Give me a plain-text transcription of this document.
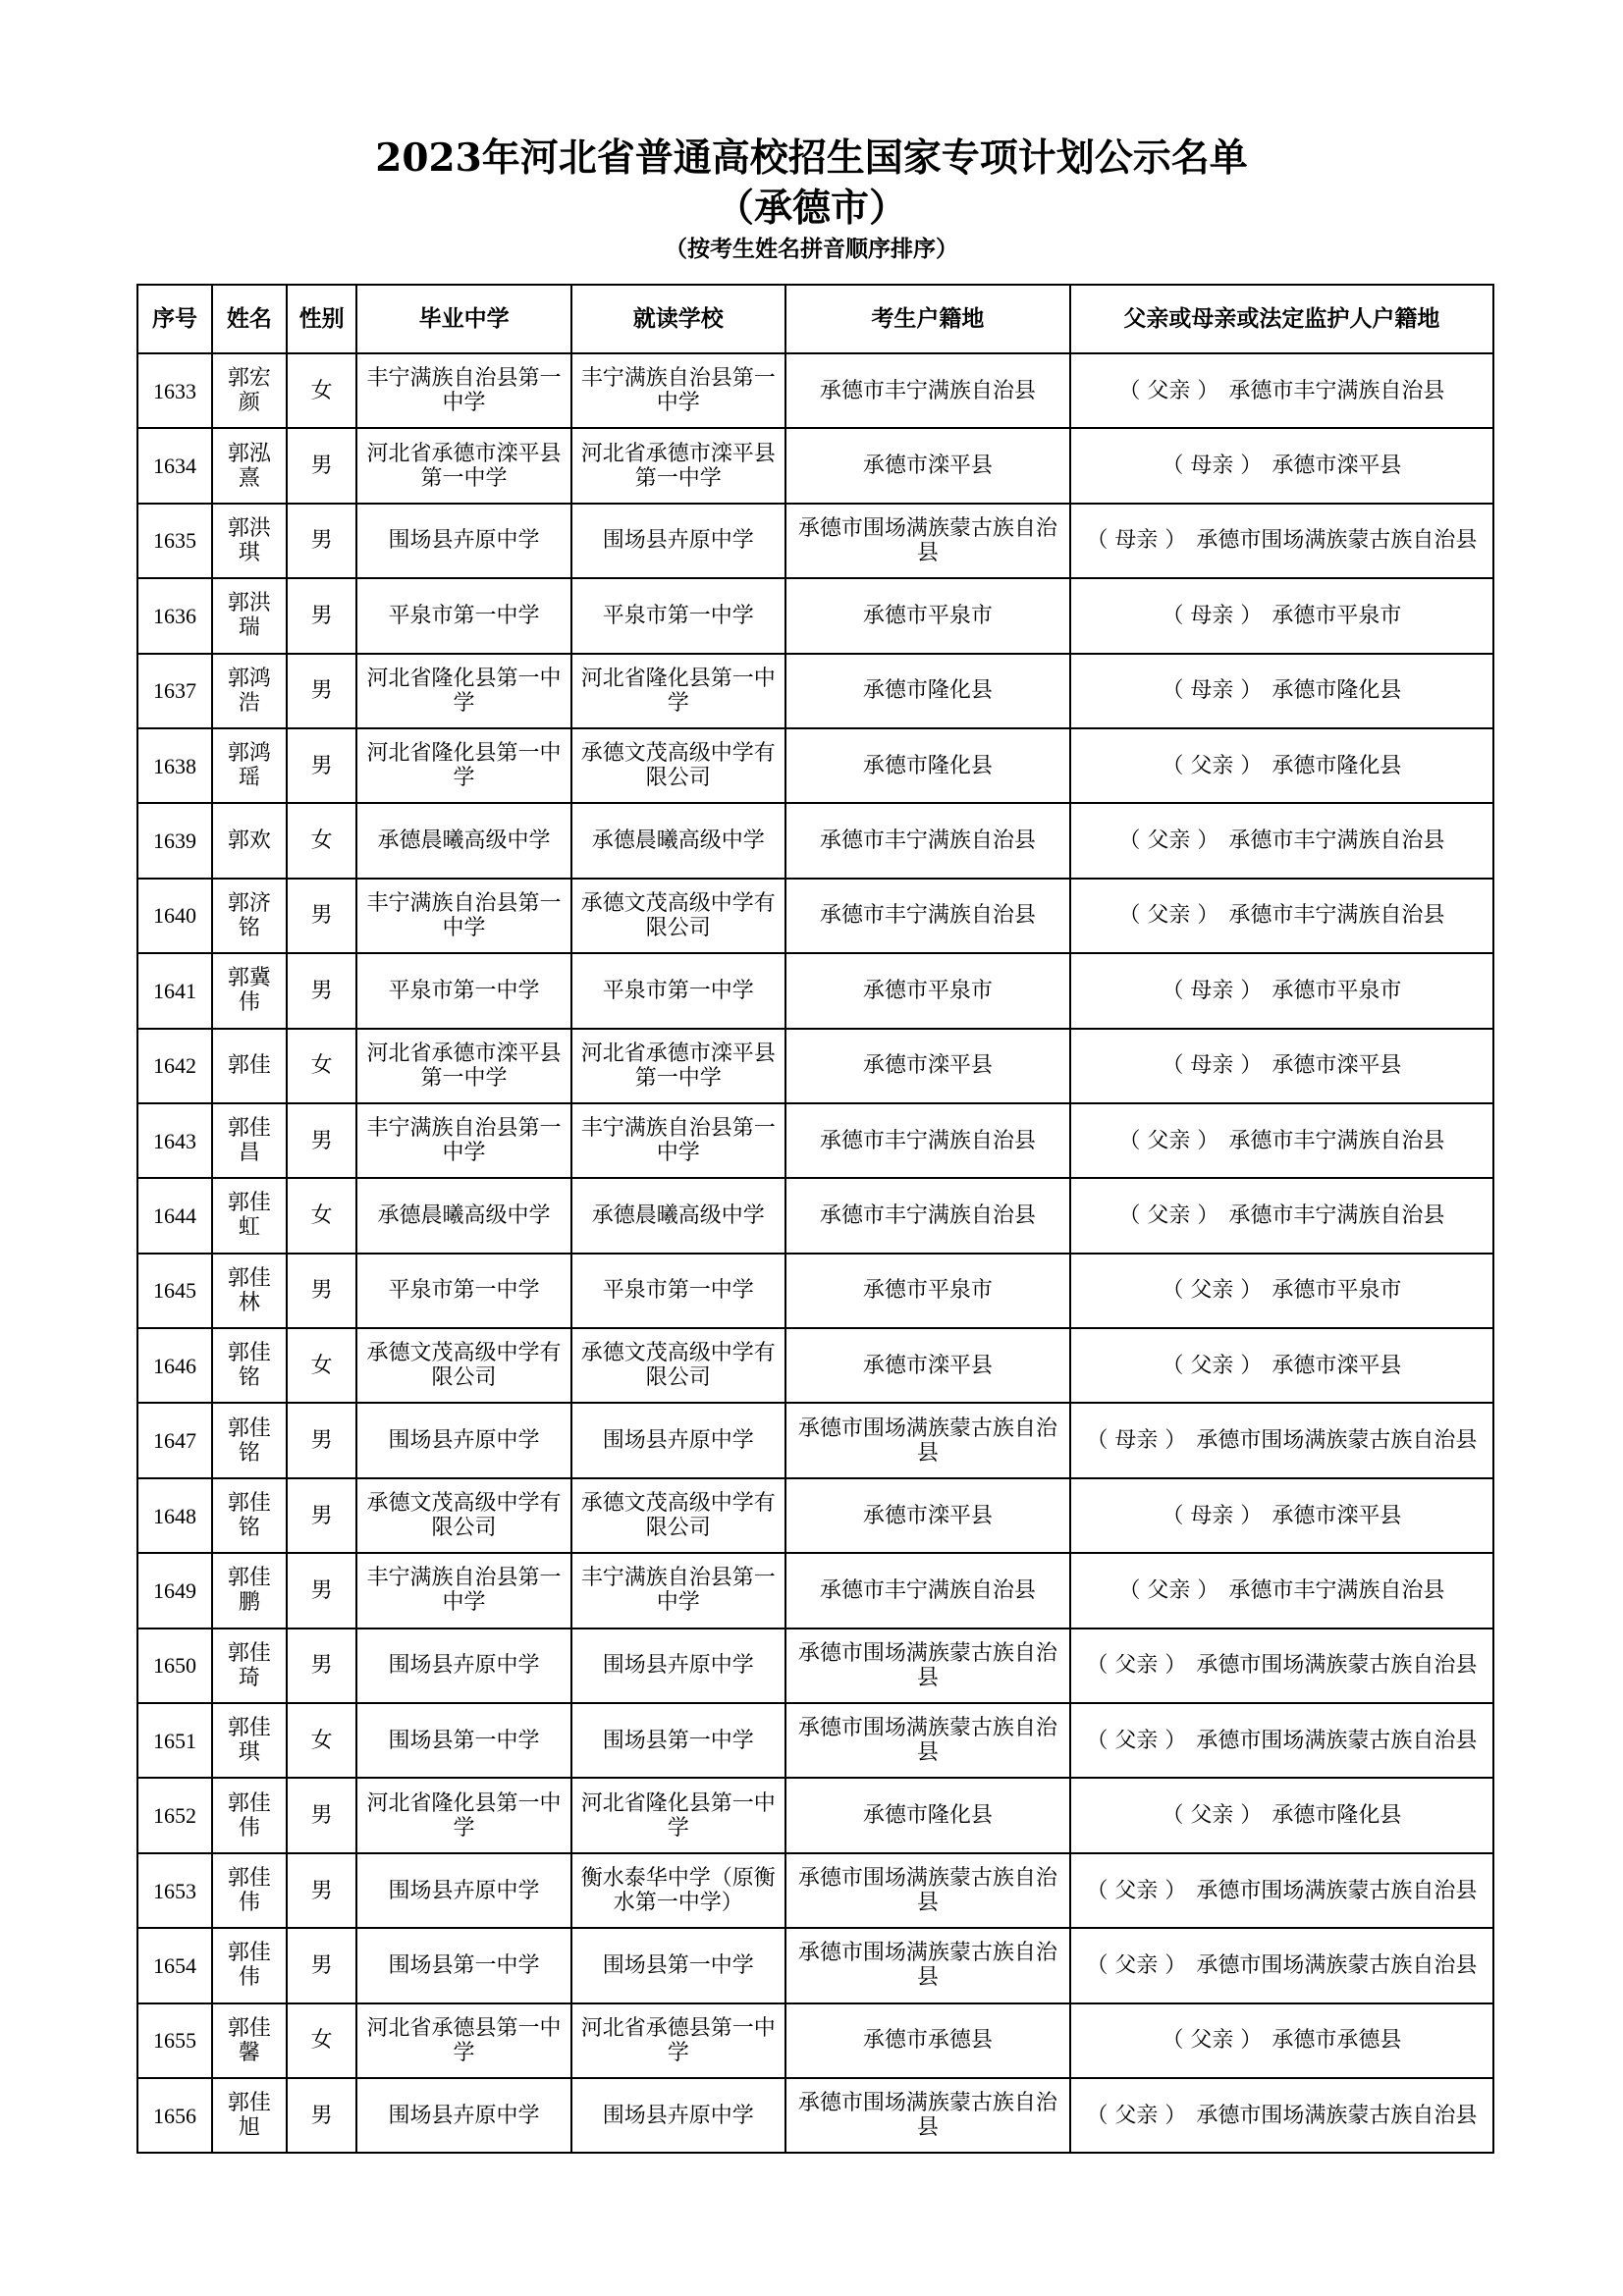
2023年河北省普通高校招生国家专项计划公示名单
（承德市）
（按考生姓名拼音顺序排序）
序号	姓名	性别	毕业中学	就读学校	考生户籍地	父亲或母亲或法定监护人户籍地
1633	郭宏颜	女	丰宁满族自治县第一中学	丰宁满族自治县第一中学	承德市丰宁满族自治县	（ 父亲 ） 承德市丰宁满族自治县
1634	郭泓熹	男	河北省承德市滦平县第一中学	河北省承德市滦平县第一中学	承德市滦平县	（ 母亲 ） 承德市滦平县
1635	郭洪琪	男	围场县卉原中学	围场县卉原中学	承德市围场满族蒙古族自治县	（ 母亲 ） 承德市围场满族蒙古族自治县
1636	郭洪瑞	男	平泉市第一中学	平泉市第一中学	承德市平泉市	（ 母亲 ） 承德市平泉市
1637	郭鸿浩	男	河北省隆化县第一中学	河北省隆化县第一中学	承德市隆化县	（ 母亲 ） 承德市隆化县
1638	郭鸿瑶	男	河北省隆化县第一中学	承德文茂高级中学有限公司	承德市隆化县	（ 父亲 ） 承德市隆化县
1639	郭欢	女	承德晨曦高级中学	承德晨曦高级中学	承德市丰宁满族自治县	（ 父亲 ） 承德市丰宁满族自治县
1640	郭济铭	男	丰宁满族自治县第一中学	承德文茂高级中学有限公司	承德市丰宁满族自治县	（ 父亲 ） 承德市丰宁满族自治县
1641	郭冀伟	男	平泉市第一中学	平泉市第一中学	承德市平泉市	（ 母亲 ） 承德市平泉市
1642	郭佳	女	河北省承德市滦平县第一中学	河北省承德市滦平县第一中学	承德市滦平县	（ 母亲 ） 承德市滦平县
1643	郭佳昌	男	丰宁满族自治县第一中学	丰宁满族自治县第一中学	承德市丰宁满族自治县	（ 父亲 ） 承德市丰宁满族自治县
1644	郭佳虹	女	承德晨曦高级中学	承德晨曦高级中学	承德市丰宁满族自治县	（ 父亲 ） 承德市丰宁满族自治县
1645	郭佳林	男	平泉市第一中学	平泉市第一中学	承德市平泉市	（ 父亲 ） 承德市平泉市
1646	郭佳铭	女	承德文茂高级中学有限公司	承德文茂高级中学有限公司	承德市滦平县	（ 父亲 ） 承德市滦平县
1647	郭佳铭	男	围场县卉原中学	围场县卉原中学	承德市围场满族蒙古族自治县	（ 母亲 ） 承德市围场满族蒙古族自治县
1648	郭佳铭	男	承德文茂高级中学有限公司	承德文茂高级中学有限公司	承德市滦平县	（ 母亲 ） 承德市滦平县
1649	郭佳鹏	男	丰宁满族自治县第一中学	丰宁满族自治县第一中学	承德市丰宁满族自治县	（ 父亲 ） 承德市丰宁满族自治县
1650	郭佳琦	男	围场县卉原中学	围场县卉原中学	承德市围场满族蒙古族自治县	（ 父亲 ） 承德市围场满族蒙古族自治县
1651	郭佳琪	女	围场县第一中学	围场县第一中学	承德市围场满族蒙古族自治县	（ 父亲 ） 承德市围场满族蒙古族自治县
1652	郭佳伟	男	河北省隆化县第一中学	河北省隆化县第一中学	承德市隆化县	（ 父亲 ） 承德市隆化县
1653	郭佳伟	男	围场县卉原中学	衡水泰华中学（原衡水第一中学）	承德市围场满族蒙古族自治县	（ 父亲 ） 承德市围场满族蒙古族自治县
1654	郭佳伟	男	围场县第一中学	围场县第一中学	承德市围场满族蒙古族自治县	（ 父亲 ） 承德市围场满族蒙古族自治县
1655	郭佳馨	女	河北省承德县第一中学	河北省承德县第一中学	承德市承德县	（ 父亲 ） 承德市承德县
1656	郭佳旭	男	围场县卉原中学	围场县卉原中学	承德市围场满族蒙古族自治县	（ 父亲 ） 承德市围场满族蒙古族自治县
